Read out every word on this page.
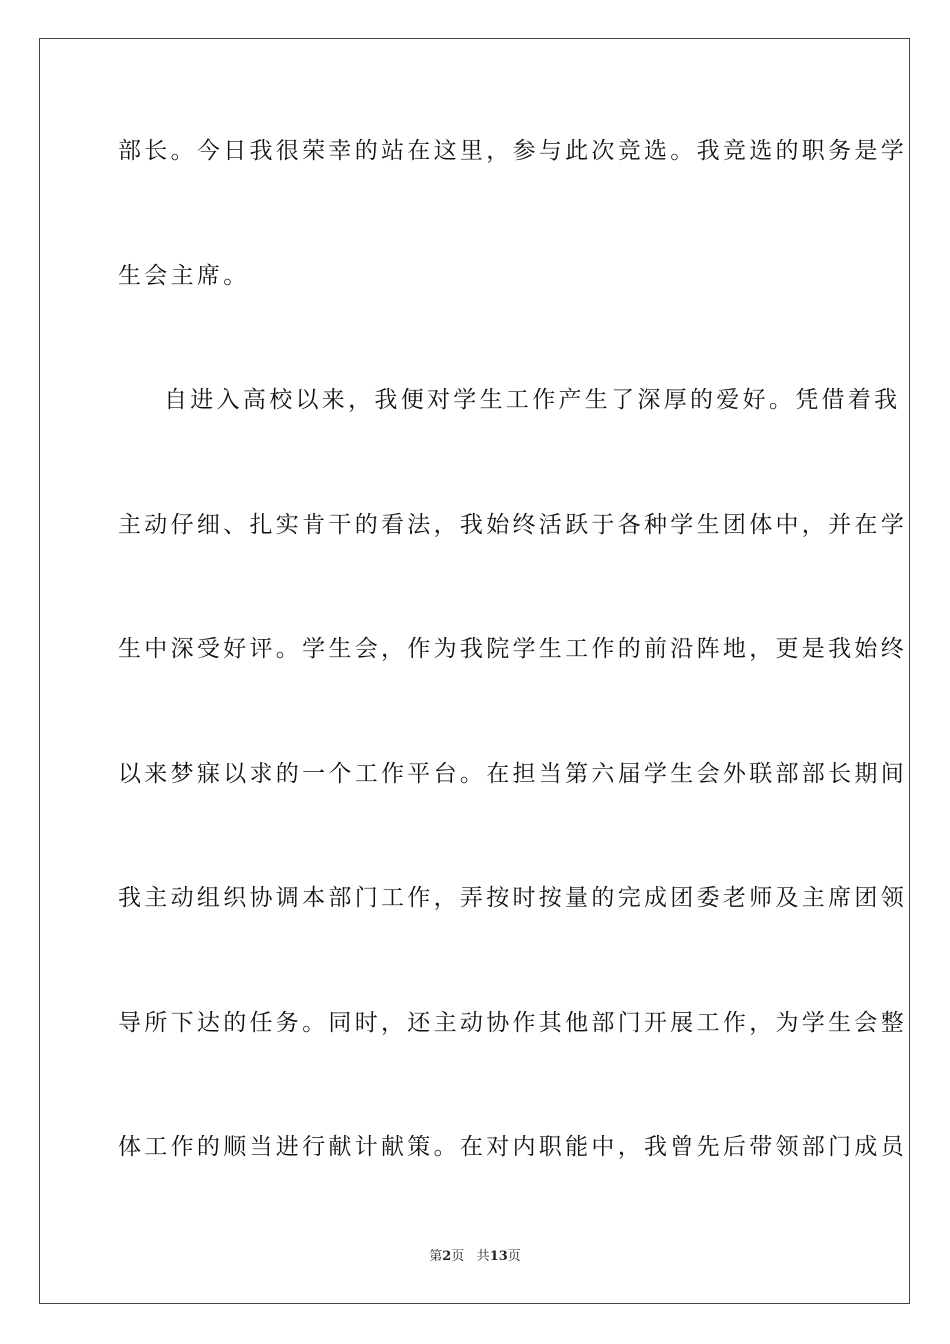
部长。今日我很荣幸的站在这里，参与此次竞选。我竞选的职务是学
生会主席。
自进入高校以来，我便对学生工作产生了深厚的爱好。凭借着我
主动仔细、扎实肯干的看法，我始终活跃于各种学生团体中，并在学
生中深受好评。学生会，作为我院学生工作的前沿阵地，更是我始终
以来梦寐以求的一个工作平台。在担当第六届学生会外联部部长期间
我主动组织协调本部门工作，弄按时按量的完成团委老师及主席团领
导所下达的任务。同时，还主动协作其他部门开展工作，为学生会整
体工作的顺当进行献计献策。在对内职能中，我曾先后带领部门成员
第2页 共13页
